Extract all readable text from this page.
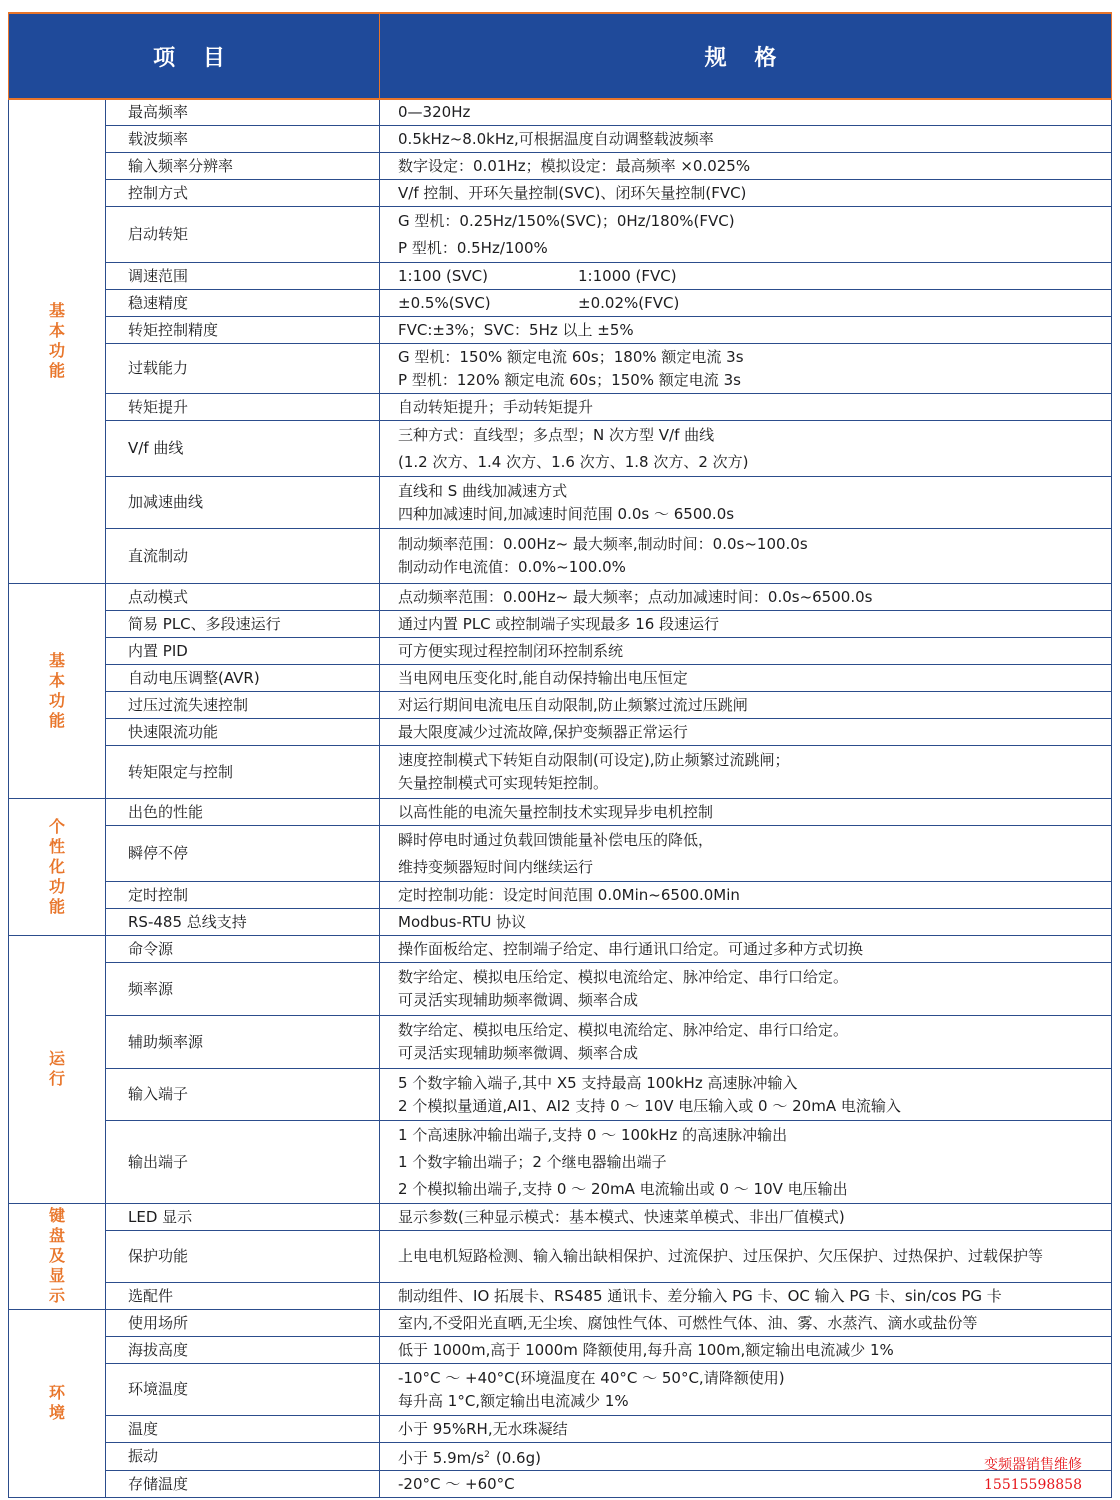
项 目		规 格
基本功能	最高频率	0—320Hz

	载波频率	0.5kHz~8.0kHz,可根据温度自动调整载波频率

	输入频率分辨率	数字设定：0.01Hz；模拟设定：最高频率 ×0.025%

	控制方式	V/f 控制、开环矢量控制(SVC)、闭环矢量控制(FVC)

	启动转矩	G 型机：0.25Hz/150%(SVC)；0Hz/180%(FVC)
P 型机：0.5Hz/100%

	调速范围	1:100 (SVC) 1:1000 (FVC)

	稳速精度	±0.5%(SVC) ±0.02%(FVC)

	转矩控制精度	FVC:±3%；SVC：5Hz 以上 ±5%

	过载能力	G 型机：150% 额定电流 60s；180% 额定电流 3s
P 型机：120% 额定电流 60s；150% 额定电流 3s

	转矩提升	自动转矩提升；手动转矩提升

	V/f 曲线	三种方式：直线型；多点型；N 次方型 V/f 曲线
(1.2 次方、1.4 次方、1.6 次方、1.8 次方、2 次方)

	加减速曲线	直线和 S 曲线加减速方式
四种加减速时间,加减速时间范围 0.0s ～ 6500.0s

	直流制动	制动频率范围：0.00Hz~ 最大频率,制动时间：0.0s~100.0s
制动动作电流值：0.0%~100.0%

基本功能	点动模式	点动频率范围：0.00Hz~ 最大频率；点动加减速时间：0.0s~6500.0s

	简易 PLC、多段速运行	通过内置 PLC 或控制端子实现最多 16 段速运行

	内置 PID	可方便实现过程控制闭环控制系统

	自动电压调整(AVR)	当电网电压变化时,能自动保持输出电压恒定

	过压过流失速控制	对运行期间电流电压自动限制,防止频繁过流过压跳闸

	快速限流功能	最大限度减少过流故障,保护变频器正常运行

	转矩限定与控制	速度控制模式下转矩自动限制(可设定),防止频繁过流跳闸；
矢量控制模式可实现转矩控制。

个性化功能	出色的性能	以高性能的电流矢量控制技术实现异步电机控制

	瞬停不停	瞬时停电时通过负载回馈能量补偿电压的降低，
维持变频器短时间内继续运行

	定时控制	定时控制功能：设定时间范围 0.0Min~6500.0Min

	RS-485 总线支持	Modbus-RTU 协议

运行	命令源	操作面板给定、控制端子给定、串行通讯口给定。可通过多种方式切换

	频率源	数字给定、模拟电压给定、模拟电流给定、脉冲给定、串行口给定。
可灵活实现辅助频率微调、频率合成

	辅助频率源	数字给定、模拟电压给定、模拟电流给定、脉冲给定、串行口给定。
可灵活实现辅助频率微调、频率合成

	输入端子	5 个数字输入端子,其中 X5 支持最高 100kHz 高速脉冲输入
2 个模拟量通道,AI1、AI2 支持 0 ～ 10V 电压输入或 0 ～ 20mA 电流输入

	输出端子	1 个高速脉冲输出端子,支持 0 ～ 100kHz 的高速脉冲输出
1 个数字输出端子；2 个继电器输出端子
2 个模拟输出端子,支持 0 ～ 20mA 电流输出或 0 ～ 10V 电压输出

键盘及显示	LED 显示	显示参数(三种显示模式：基本模式、快速菜单模式、非出厂值模式)

	保护功能	上电电机短路检测、输入输出缺相保护、过流保护、过压保护、欠压保护、过热保护、过载保护等

	选配件	制动组件、IO 拓展卡、RS485 通讯卡、差分输入 PG 卡、OC 输入 PG 卡、sin/cos PG 卡

环境	使用场所	室内,不受阳光直晒,无尘埃、腐蚀性气体、可燃性气体、油、雾、水蒸汽、滴水或盐份等

	海拔高度	低于 1000m,高于 1000m 降额使用,每升高 100m,额定输出电流减少 1%

	环境温度	-10°C ～ +40°C(环境温度在 40°C ～ 50°C,请降额使用)
每升高 1°C,额定输出电流减少 1%

	温度	小于 95%RH,无水珠凝结

	振动	小于 $5.9m/s^2$ (0.6g)

	存储温度	-20°C ～ +60°C
变频器销售维修
15515598858
